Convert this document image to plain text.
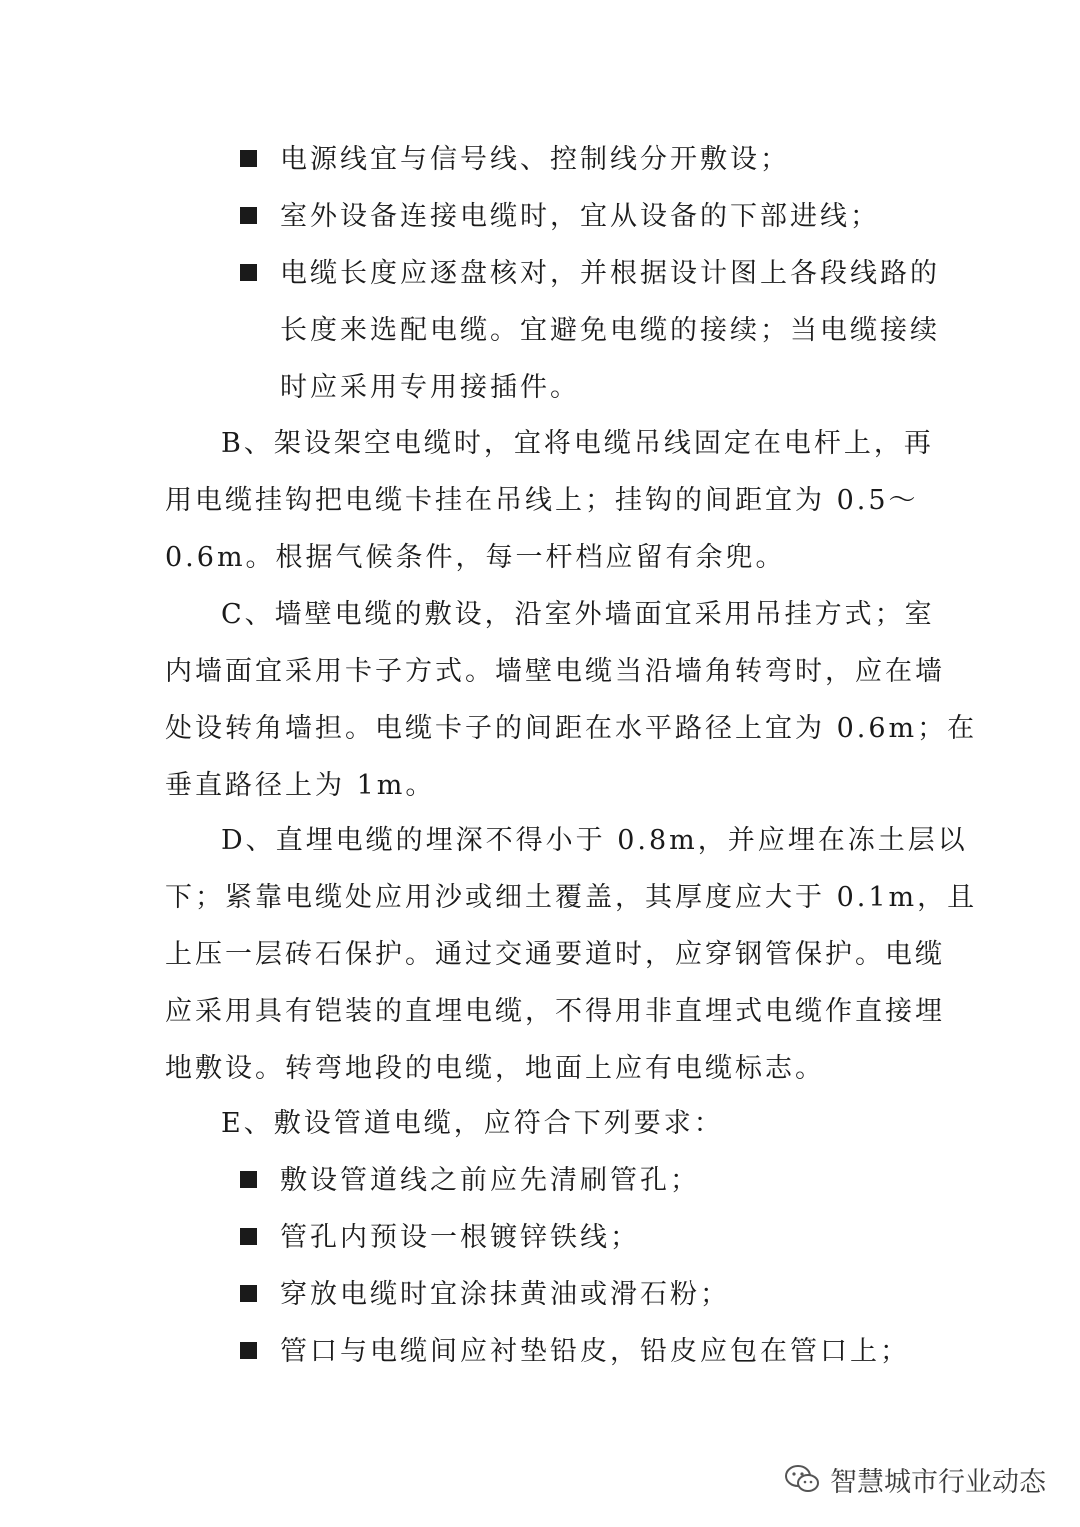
电源线宜与信号线、控制线分开敷设；
室外设备连接电缆时，宜从设备的下部进线；
电缆长度应逐盘核对，并根据设计图上各段线路的
长度来选配电缆。宜避免电缆的接续；当电缆接续
时应采用专用接插件。
B、架设架空电缆时，宜将电缆吊线固定在电杆上，再
用电缆挂钩把电缆卡挂在吊线上；挂钩的间距宜为 0.5～
0.6m。根据气候条件，每一杆档应留有余兜。
C、墙壁电缆的敷设，沿室外墙面宜采用吊挂方式；室
内墙面宜采用卡子方式。墙壁电缆当沿墙角转弯时，应在墙
处设转角墙担。电缆卡子的间距在水平路径上宜为 0.6m；在
垂直路径上为 1m。
D、直埋电缆的埋深不得小于 0.8m，并应埋在冻土层以
下；紧靠电缆处应用沙或细土覆盖，其厚度应大于 0.1m，且
上压一层砖石保护。通过交通要道时，应穿钢管保护。电缆
应采用具有铠装的直埋电缆，不得用非直埋式电缆作直接埋
地敷设。转弯地段的电缆，地面上应有电缆标志。
E、敷设管道电缆，应符合下列要求：
敷设管道线之前应先清刷管孔；
管孔内预设一根镀锌铁线；
穿放电缆时宜涂抹黄油或滑石粉；
管口与电缆间应衬垫铅皮，铅皮应包在管口上；
智慧城市行业动态
